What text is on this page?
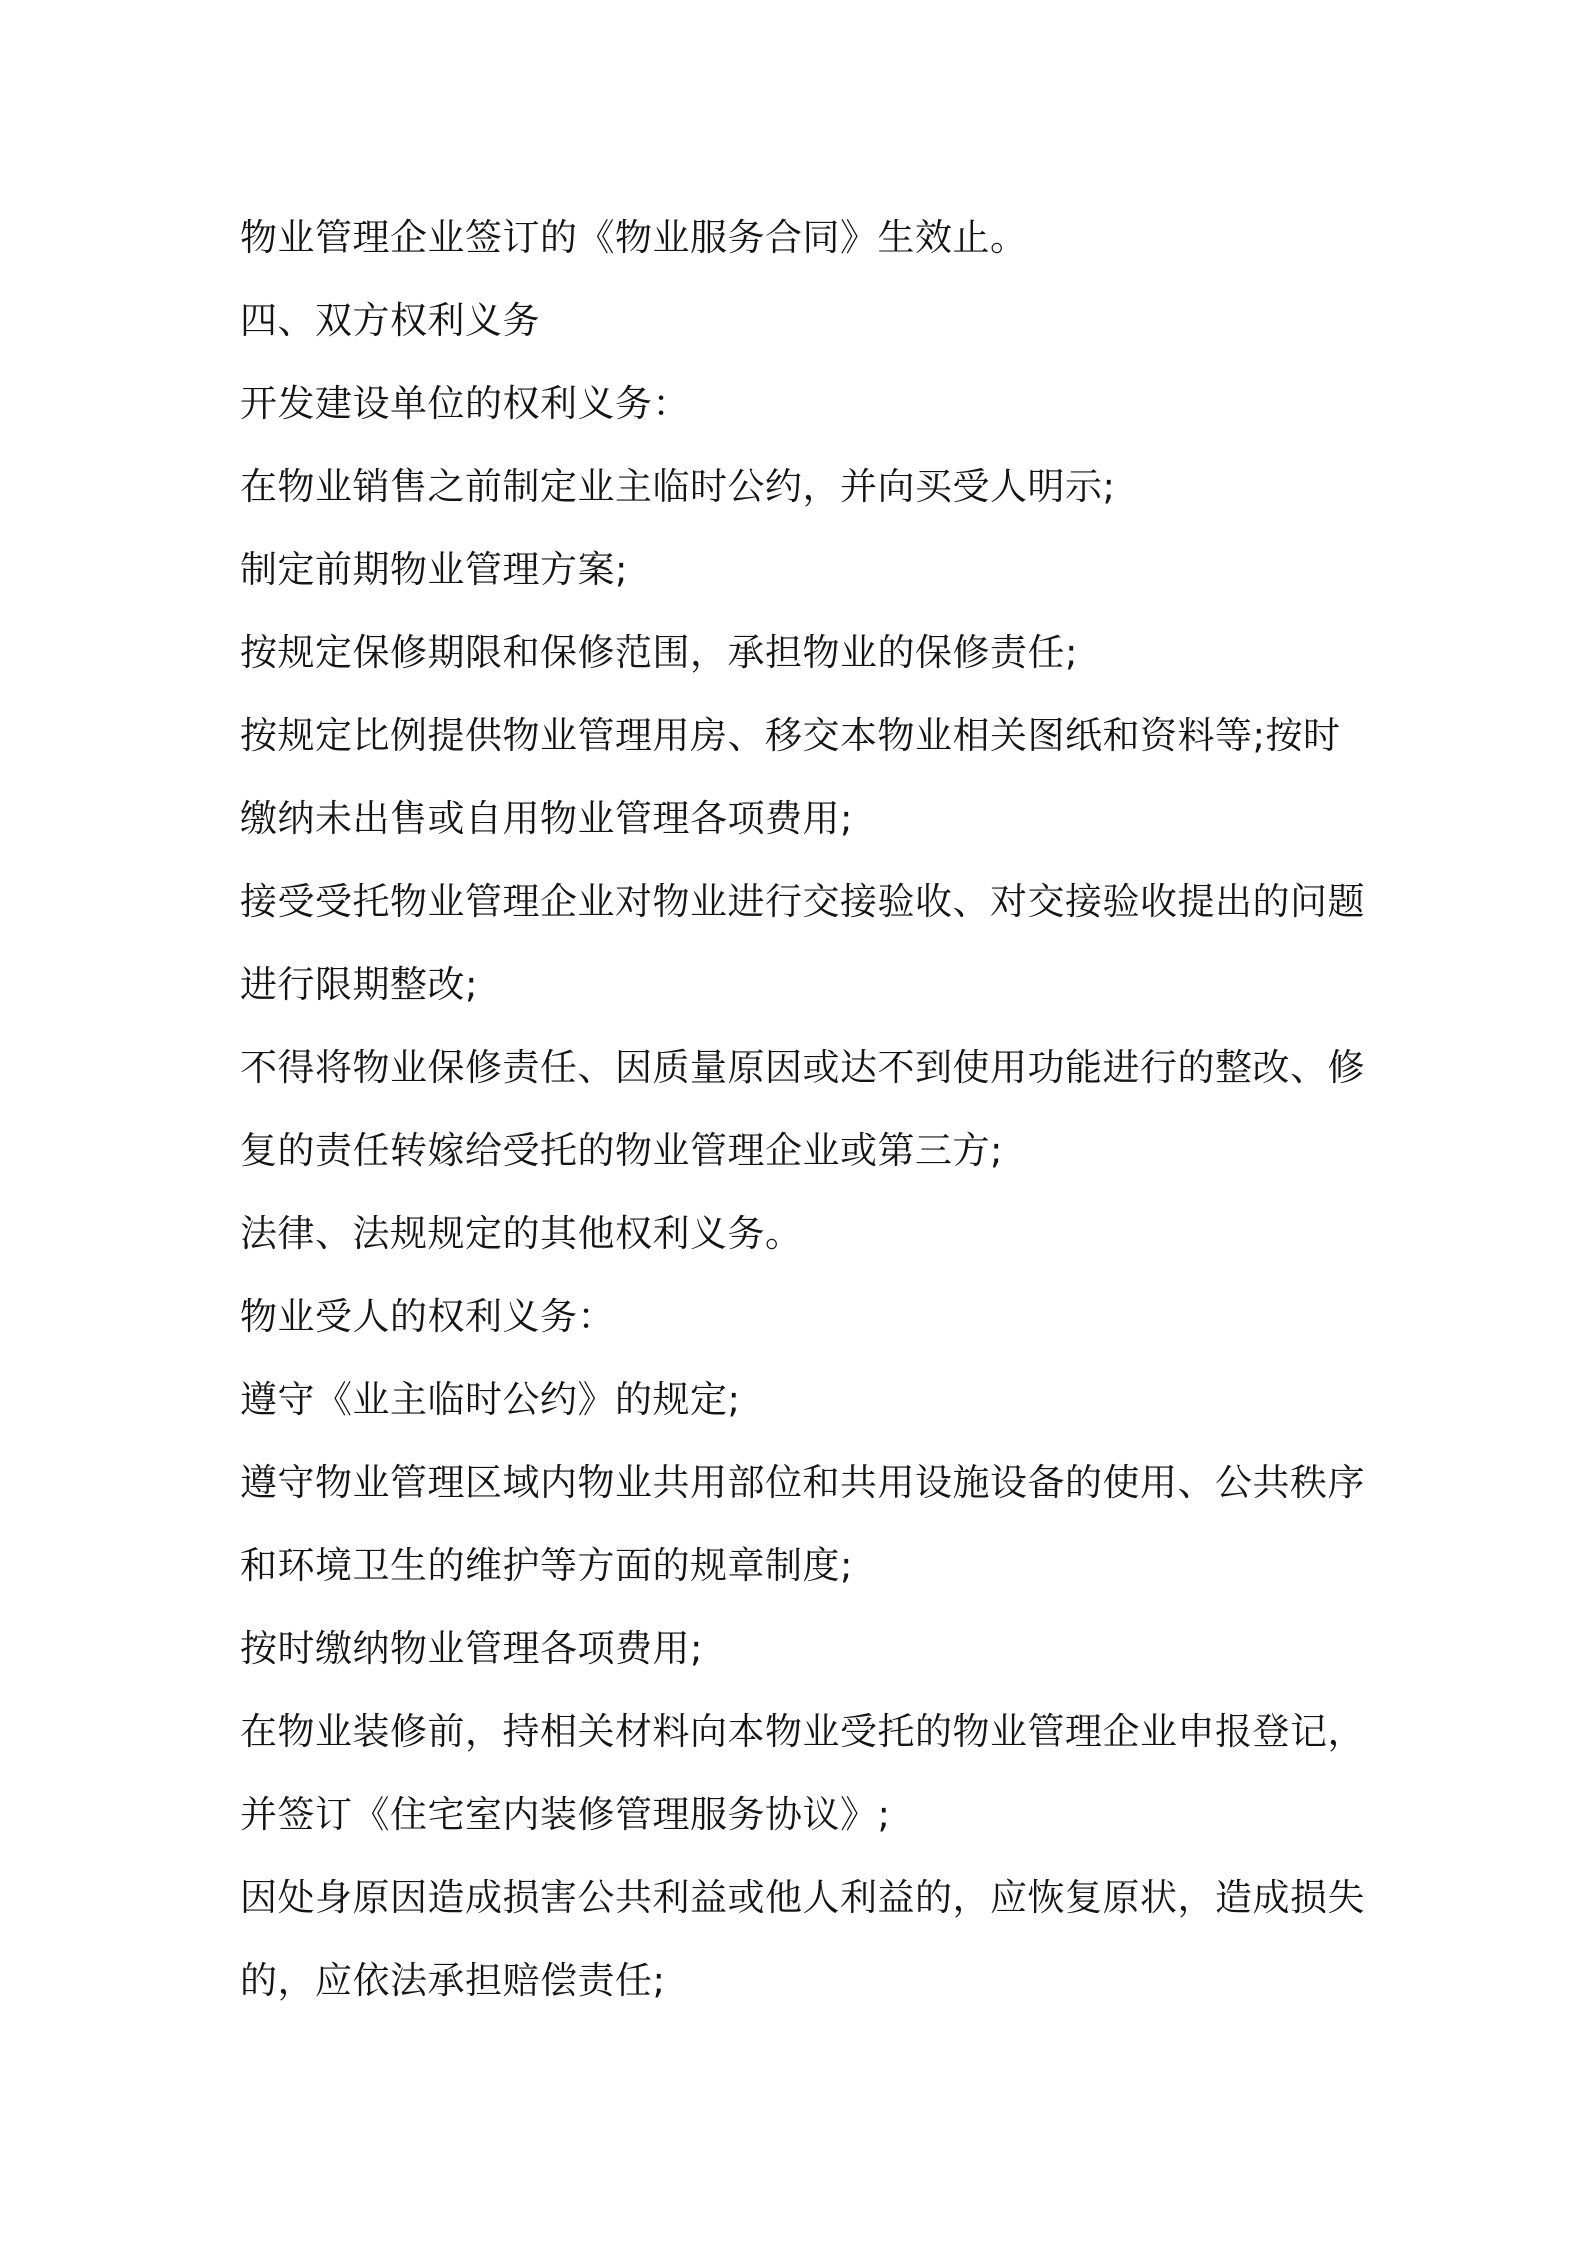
物业管理企业签订的《物业服务合同》生效止。
四、双方权利义务
开发建设单位的权利义务：
在物业销售之前制定业主临时公约，并向买受人明示;
制定前期物业管理方案;
按规定保修期限和保修范围，承担物业的保修责任;
按规定比例提供物业管理用房、移交本物业相关图纸和资料等;按时
缴纳未出售或自用物业管理各项费用;
接受受托物业管理企业对物业进行交接验收、对交接验收提出的问题
进行限期整改;
不得将物业保修责任、因质量原因或达不到使用功能进行的整改、修
复的责任转嫁给受托的物业管理企业或第三方;
法律、法规规定的其他权利义务。
物业受人的权利义务：
遵守《业主临时公约》的规定;
遵守物业管理区域内物业共用部位和共用设施设备的使用、公共秩序
和环境卫生的维护等方面的规章制度;
按时缴纳物业管理各项费用;
在物业装修前，持相关材料向本物业受托的物业管理企业申报登记，
并签订《住宅室内装修管理服务协议》;
因处身原因造成损害公共利益或他人利益的，应恢复原状，造成损失
的，应依法承担赔偿责任;
